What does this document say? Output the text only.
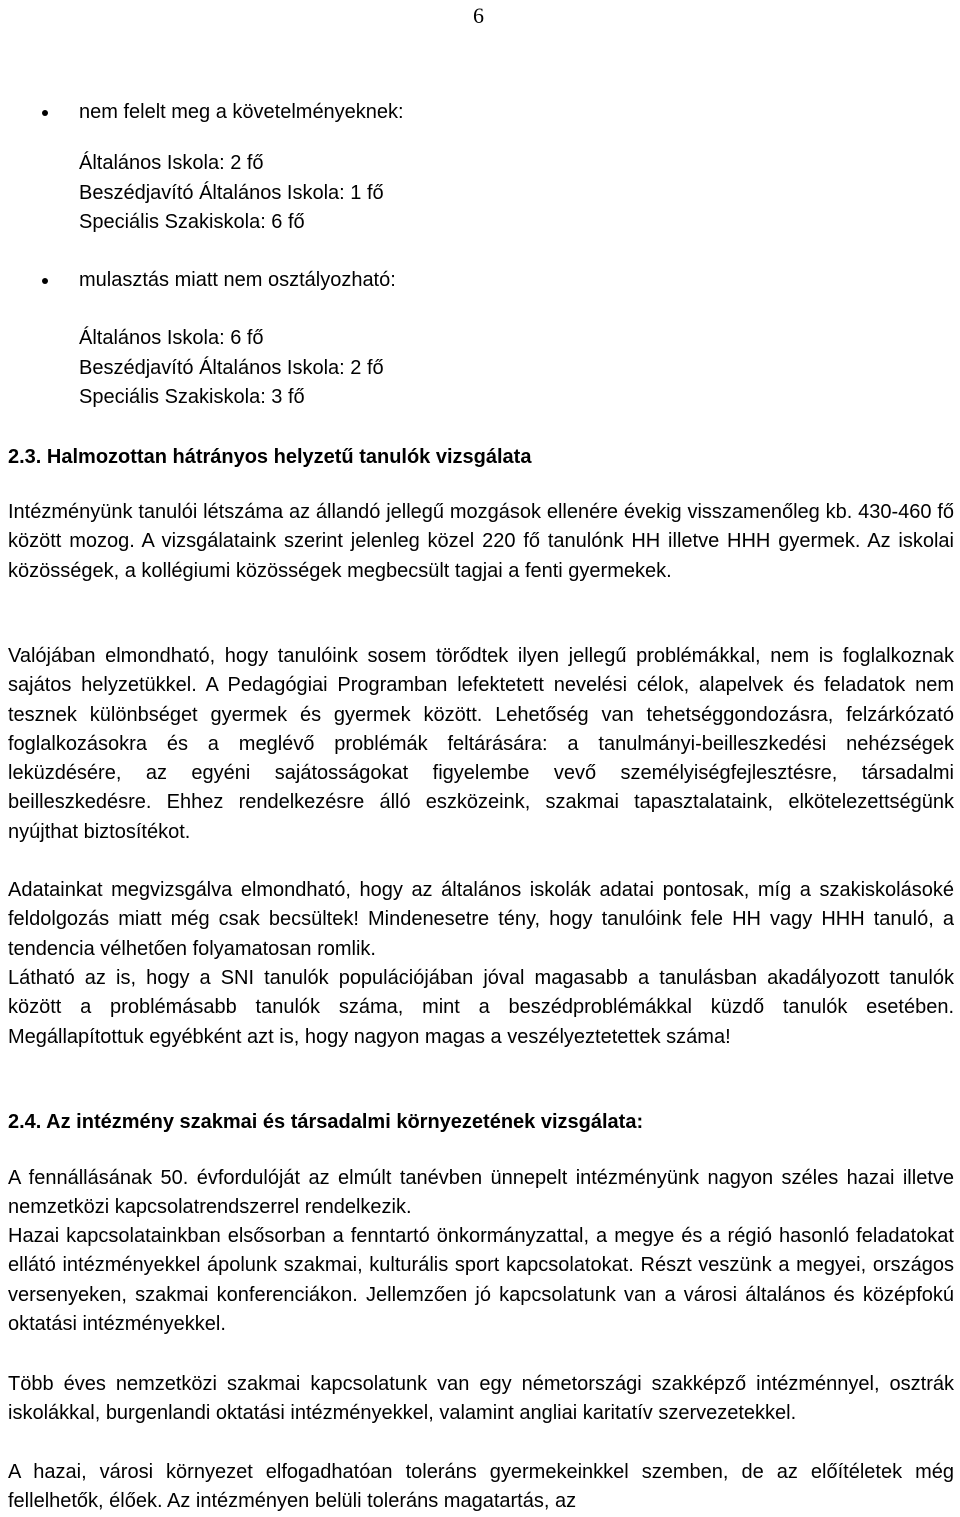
6
nem felelt meg a követelményeknek:
Általános Iskola: 2 fő
Beszédjavító Általános Iskola: 1 fő
Speciális Szakiskola: 6 fő
mulasztás miatt nem osztályozható:
Általános Iskola: 6 fő
Beszédjavító Általános Iskola: 2 fő
Speciális Szakiskola: 3 fő
2.3. Halmozottan hátrányos helyzetű tanulók vizsgálata

Intézményünk tanulói létszáma az állandó jellegű mozgások ellenére évekig visszamenőleg kb. 430-460 fő között mozog. A vizsgálataink szerint jelenleg közel 220 fő tanulónk HH illetve HHH gyermek. Az iskolai közösségek, a kollégiumi közösségek megbecsült tagjai a fenti gyermekek.

Valójában elmondható, hogy tanulóink sosem törődtek ilyen jellegű problémákkal, nem is foglalkoznak sajátos helyzetükkel. A Pedagógiai Programban lefektetett nevelési célok, alapelvek és feladatok nem tesznek különbséget gyermek és gyermek között. Lehetőség van tehetséggondozásra, felzárkózató foglalkozásokra és a meglévő problémák feltárására: a tanulmányi-beilleszkedési nehézségek leküzdésére, az egyéni sajátosságokat figyelembe vevő személyiségfejlesztésre, társadalmi beilleszkedésre. Ehhez rendelkezésre álló eszközeink, szakmai tapasztalataink, elkötelezettségünk nyújthat biztosítékot.

Adatainkat megvizsgálva elmondható, hogy az általános iskolák adatai pontosak, míg a szakiskolásoké feldolgozás miatt még csak becsültek! Mindenesetre tény, hogy tanulóink fele HH vagy HHH tanuló, a tendencia vélhetően folyamatosan romlik.

Látható az is, hogy a SNI tanulók populációjában jóval magasabb a tanulásban akadályozott tanulók között a problémásabb tanulók száma, mint a beszédproblémákkal küzdő tanulók esetében. Megállapítottuk egyébként azt is, hogy nagyon magas a veszélyeztetettek száma!

2.4. Az intézmény szakmai és társadalmi környezetének vizsgálata:

A fennállásának 50. évfordulóját az elmúlt tanévben ünnepelt intézményünk nagyon széles hazai illetve nemzetközi kapcsolatrendszerrel rendelkezik.

Hazai kapcsolatainkban elsősorban a fenntartó önkormányzattal, a megye és a régió hasonló feladatokat ellátó intézményekkel ápolunk szakmai, kulturális sport kapcsolatokat. Részt veszünk a megyei, országos versenyeken, szakmai konferenciákon. Jellemzően jó kapcsolatunk van a városi általános és középfokú oktatási intézményekkel.

Több éves nemzetközi szakmai kapcsolatunk van egy németországi szakképző intézménnyel, osztrák iskolákkal, burgenlandi oktatási intézményekkel, valamint angliai karitatív szervezetekkel.

A hazai, városi környezet elfogadhatóan toleráns gyermekeinkkel szemben, de az előítéletek még fellelhetők, élőek. Az intézményen belüli toleráns magatartás, az
